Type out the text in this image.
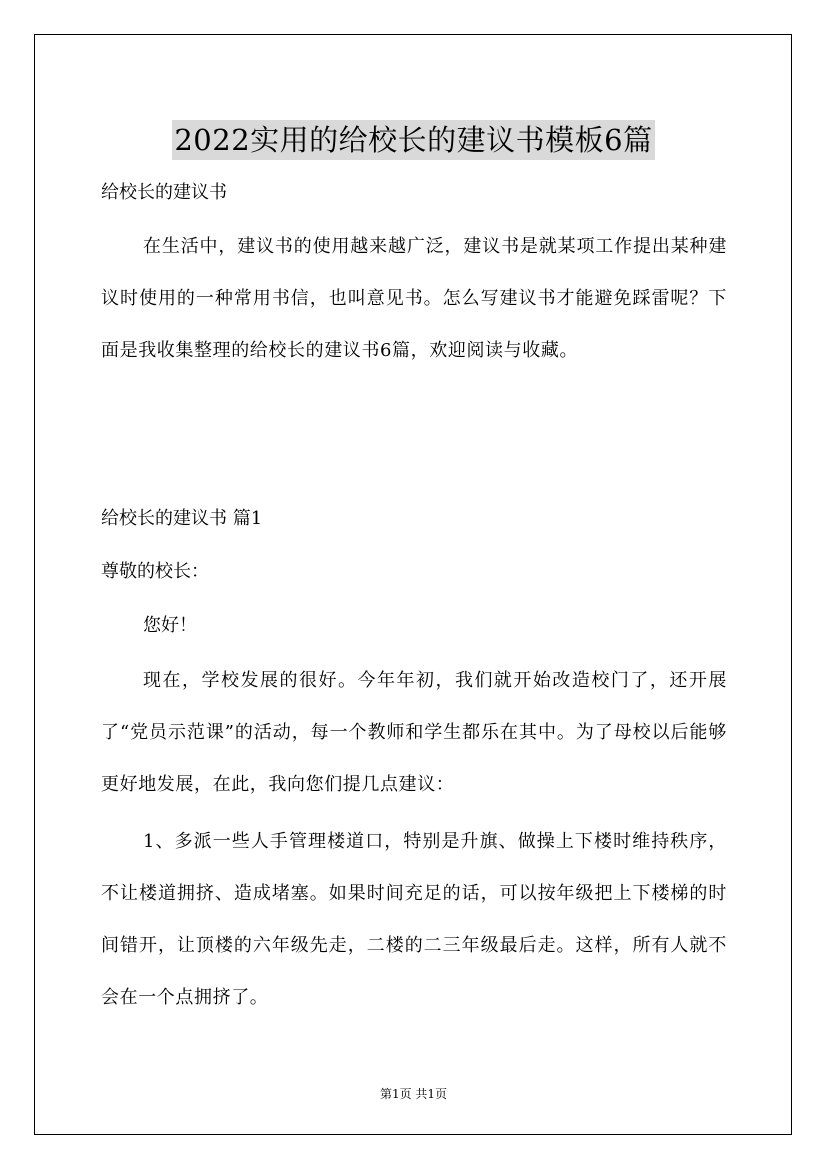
2022实用的给校长的建议书模板6篇
给校长的建议书

在生活中，建议书的使用越来越广泛，建议书是就某项工作提出某种建议时使用的一种常用书信，也叫意见书。怎么写建议书才能避免踩雷呢？下面是我收集整理的给校长的建议书6篇，欢迎阅读与收藏。

给校长的建议书 篇1
尊敬的校长：
您好！

现在，学校发展的很好。今年年初，我们就开始改造校门了，还开展了“党员示范课”的活动，每一个教师和学生都乐在其中。为了母校以后能够更好地发展，在此，我向您们提几点建议：

1、多派一些人手管理楼道口，特别是升旗、做操上下楼时维持秩序，不让楼道拥挤、造成堵塞。如果时间充足的话，可以按年级把上下楼梯的时间错开，让顶楼的六年级先走，二楼的二三年级最后走。这样，所有人就不会在一个点拥挤了。

第1页 共1页
